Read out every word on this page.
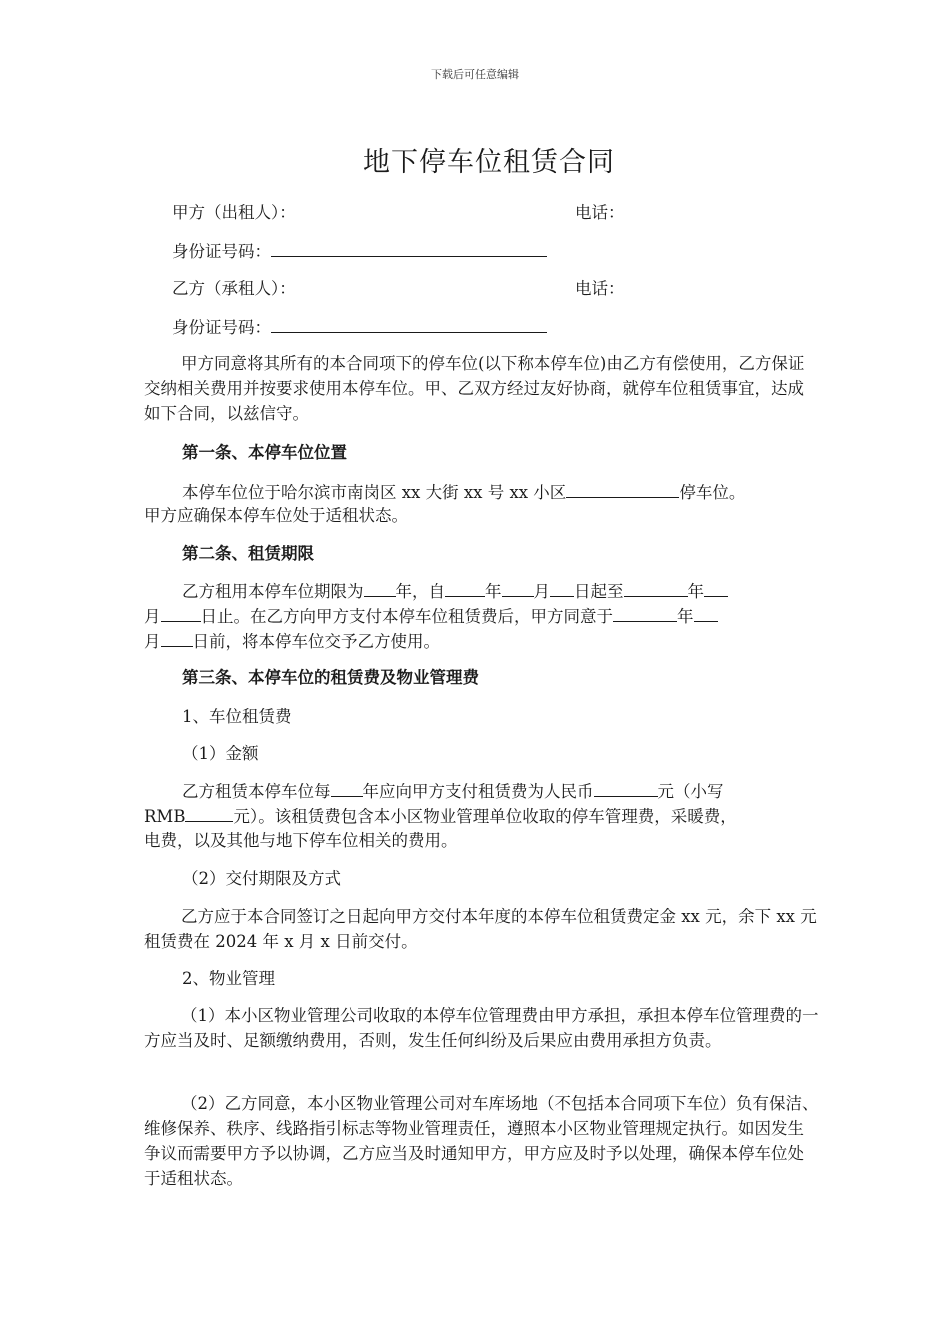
下载后可任意编辑
地下停车位租赁合同
甲方（出租人）：	电话：
身份证号码：
乙方（承租人）：	电话：
身份证号码：

甲方同意将其所有的本合同项下的停车位(以下称本停车位)由乙方有偿使用，乙方保证交纳相关费用并按要求使用本停车位。甲、乙双方经过友好协商，就停车位租赁事宜，达成如下合同，以兹信守。

第一条、本停车位位置
本停车位位于哈尔滨市南岗区 xx 大街 xx 号 xx 小区	停车位。
甲方应确保本停车位处于适租状态。
第二条、租赁期限
乙方租用本停车位期限为 年，自 年 月 日起至	年
月 日止。在乙方向甲方支付本停车位租赁费后，甲方同意于	年
月 日前，将本停车位交予乙方使用。
第三条、本停车位的租赁费及物业管理费
1、车位租赁费
（1）金额
乙方租赁本停车位每 年应向甲方支付租赁费为人民币	元（小写
RMB	元）。该租赁费包含本小区物业管理单位收取的停车管理费，采暖费，
电费，以及其他与地下停车位相关的费用。
（2）交付期限及方式

乙方应于本合同签订之日起向甲方交付本年度的本停车位租赁费定金 xx 元，余下 xx 元租赁费在 2024 年 x 月 x 日前交付。

2、物业管理

（1）本小区物业管理公司收取的本停车位管理费由甲方承担，承担本停车位管理费的一方应当及时、足额缴纳费用，否则，发生任何纠纷及后果应由费用承担方负责。

（2）乙方同意，本小区物业管理公司对车库场地（不包括本合同项下车位）负有保洁、维修保养、秩序、线路指引标志等物业管理责任，遵照本小区物业管理规定执行。如因发生争议而需要甲方予以协调，乙方应当及时通知甲方，甲方应及时予以处理，确保本停车位处于适租状态。
